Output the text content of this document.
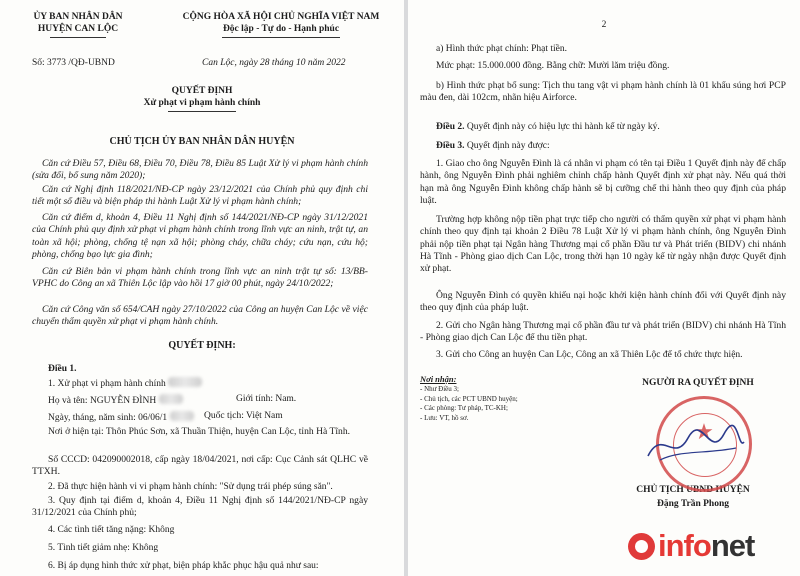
ỦY BAN NHÂN DÂN
HUYỆN CAN LỘC
Số: 3773 /QĐ-UBND
CỘNG HÒA XÃ HỘI CHỦ NGHĨA VIỆT NAM
Độc lập - Tự do - Hạnh phúc
Can Lộc, ngày 28 tháng 10 năm 2022
QUYẾT ĐỊNH
Xử phạt vi phạm hành chính
CHỦ TỊCH ỦY BAN NHÂN DÂN HUYỆN
Căn cứ Điều 57, Điều 68, Điều 70, Điều 78, Điều 85 Luật Xử lý vi phạm hành chính (sửa đổi, bổ sung năm 2020);
Căn cứ Nghị định 118/2021/NĐ-CP ngày 23/12/2021 của Chính phủ quy định chi tiết một số điều và biện pháp thi hành Luật Xử lý vi phạm hành chính;
Căn cứ điểm d, khoản 4, Điều 11 Nghị định số 144/2021/NĐ-CP ngày 31/12/2021 của Chính phủ quy định xử phạt vi phạm hành chính trong lĩnh vực an ninh, trật tự, an toàn xã hội; phòng, chống tệ nạn xã hội; phòng cháy, chữa cháy; cứu nạn, cứu hộ; phòng, chống bạo lực gia đình;
Căn cứ Biên bản vi phạm hành chính trong lĩnh vực an ninh trật tự số: 13/BB-VPHC do Công an xã Thiên Lộc lập vào hồi 17 giờ 00 phút, ngày 24/10/2022;
Căn cứ Công văn số 654/CAH ngày 27/10/2022 của Công an huyện Can Lộc về việc chuyển thẩm quyền xử phạt vi phạm hành chính.
QUYẾT ĐỊNH:
Điều 1.
1. Xử phạt vi phạm hành chính
Họ và tên: NGUYỄN ĐÌNH	Giới tính: Nam.
Ngày, tháng, năm sinh: 06/06/1	Quốc tịch: Việt Nam
Nơi ở hiện tại: Thôn Phúc Sơn, xã Thuần Thiện, huyện Can Lộc, tỉnh Hà Tĩnh.
Số CCCD: 042090002018, cấp ngày 18/04/2021, nơi cấp: Cục Cảnh sát QLHC về TTXH.
2. Đã thực hiện hành vi vi phạm hành chính: "Sử dụng trái phép súng săn".
3. Quy định tại điểm d, khoản 4, Điều 11 Nghị định số 144/2021/NĐ-CP ngày 31/12/2021 của Chính phủ;
4. Các tình tiết tăng nặng: Không
5. Tình tiết giảm nhẹ: Không
6. Bị áp dụng hình thức xử phạt, biện pháp khắc phục hậu quả như sau:
2
a) Hình thức phạt chính: Phạt tiền.
Mức phạt: 15.000.000 đồng. Bằng chữ: Mười lăm triệu đồng.
b) Hình thức phạt bổ sung: Tịch thu tang vật vi phạm hành chính là 01 khẩu súng hơi PCP màu đen, dài 102cm, nhãn hiệu Airforce.
Điều 2. Quyết định này có hiệu lực thi hành kể từ ngày ký.
Điều 3. Quyết định này được:
1. Giao cho ông Nguyễn Đình là cá nhân vi phạm có tên tại Điều 1 Quyết định này để chấp hành, ông Nguyễn Đình phải nghiêm chỉnh chấp hành Quyết định xử phạt này. Nếu quá thời hạn mà ông Nguyễn Đình không chấp hành sẽ bị cưỡng chế thi hành theo quy định của pháp luật.
Trường hợp không nộp tiền phạt trực tiếp cho người có thẩm quyền xử phạt vi phạm hành chính theo quy định tại khoản 2 Điều 78 Luật Xử lý vi phạm hành chính, ông Nguyễn Đình phải nộp tiền phạt tại Ngân hàng Thương mại cổ phần Đầu tư và Phát triển (BIDV) chi nhánh Hà Tĩnh - Phòng giao dịch Can Lộc, trong thời hạn 10 ngày kể từ ngày nhận được Quyết định xử phạt.
Ông Nguyễn Đình có quyền khiếu nại hoặc khởi kiện hành chính đối với Quyết định này theo quy định của pháp luật.
2. Gửi cho Ngân hàng Thương mại cổ phần đầu tư và phát triển (BIDV) chi nhánh Hà Tĩnh - Phòng giao dịch Can Lộc để thu tiền phạt.
3. Gửi cho Công an huyện Can Lộc, Công an xã Thiên Lộc để tổ chức thực hiện.
Nơi nhận:
- Như Điều 3;
- Chủ tịch, các PCT UBND huyện;
- Các phòng: Tư pháp, TC-KH;
- Lưu: VT, hồ sơ.
NGƯỜI RA QUYẾT ĐỊNH
CHỦ TỊCH UBND HUYỆN
Đặng Trần Phong
★
infonet
